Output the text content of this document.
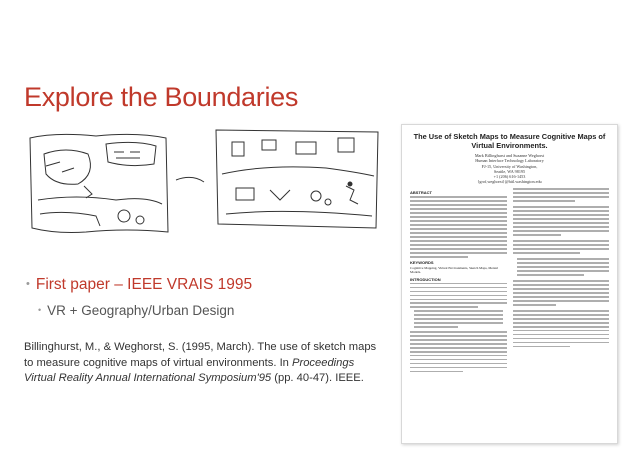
Explore the Boundaries
• First paper – IEEE VRAIS 1995
• VR + Geography/Urban Design
Billinghurst, M., & Weghorst, S. (1995, March). The use of sketch maps to measure cognitive maps of virtual environments. In Proceedings Virtual Reality Annual International Symposium'95 (pp. 40-47). IEEE.
The Use of Sketch Maps to Measure Cognitive Maps of Virtual Environments.
Mark Billinghurst and Suzanne Weghorst
Human Interface Technology Laboratory
FJ-15, University of Washington,
Seattle, WA 98195
+1 (206) 616-1453
{grof,weghorst}@hitl.washington.edu
ABSTRACT
KEYWORDS
Cognitive Mapping, Virtual Environments, Sketch Maps, Mental Models.
INTRODUCTION
